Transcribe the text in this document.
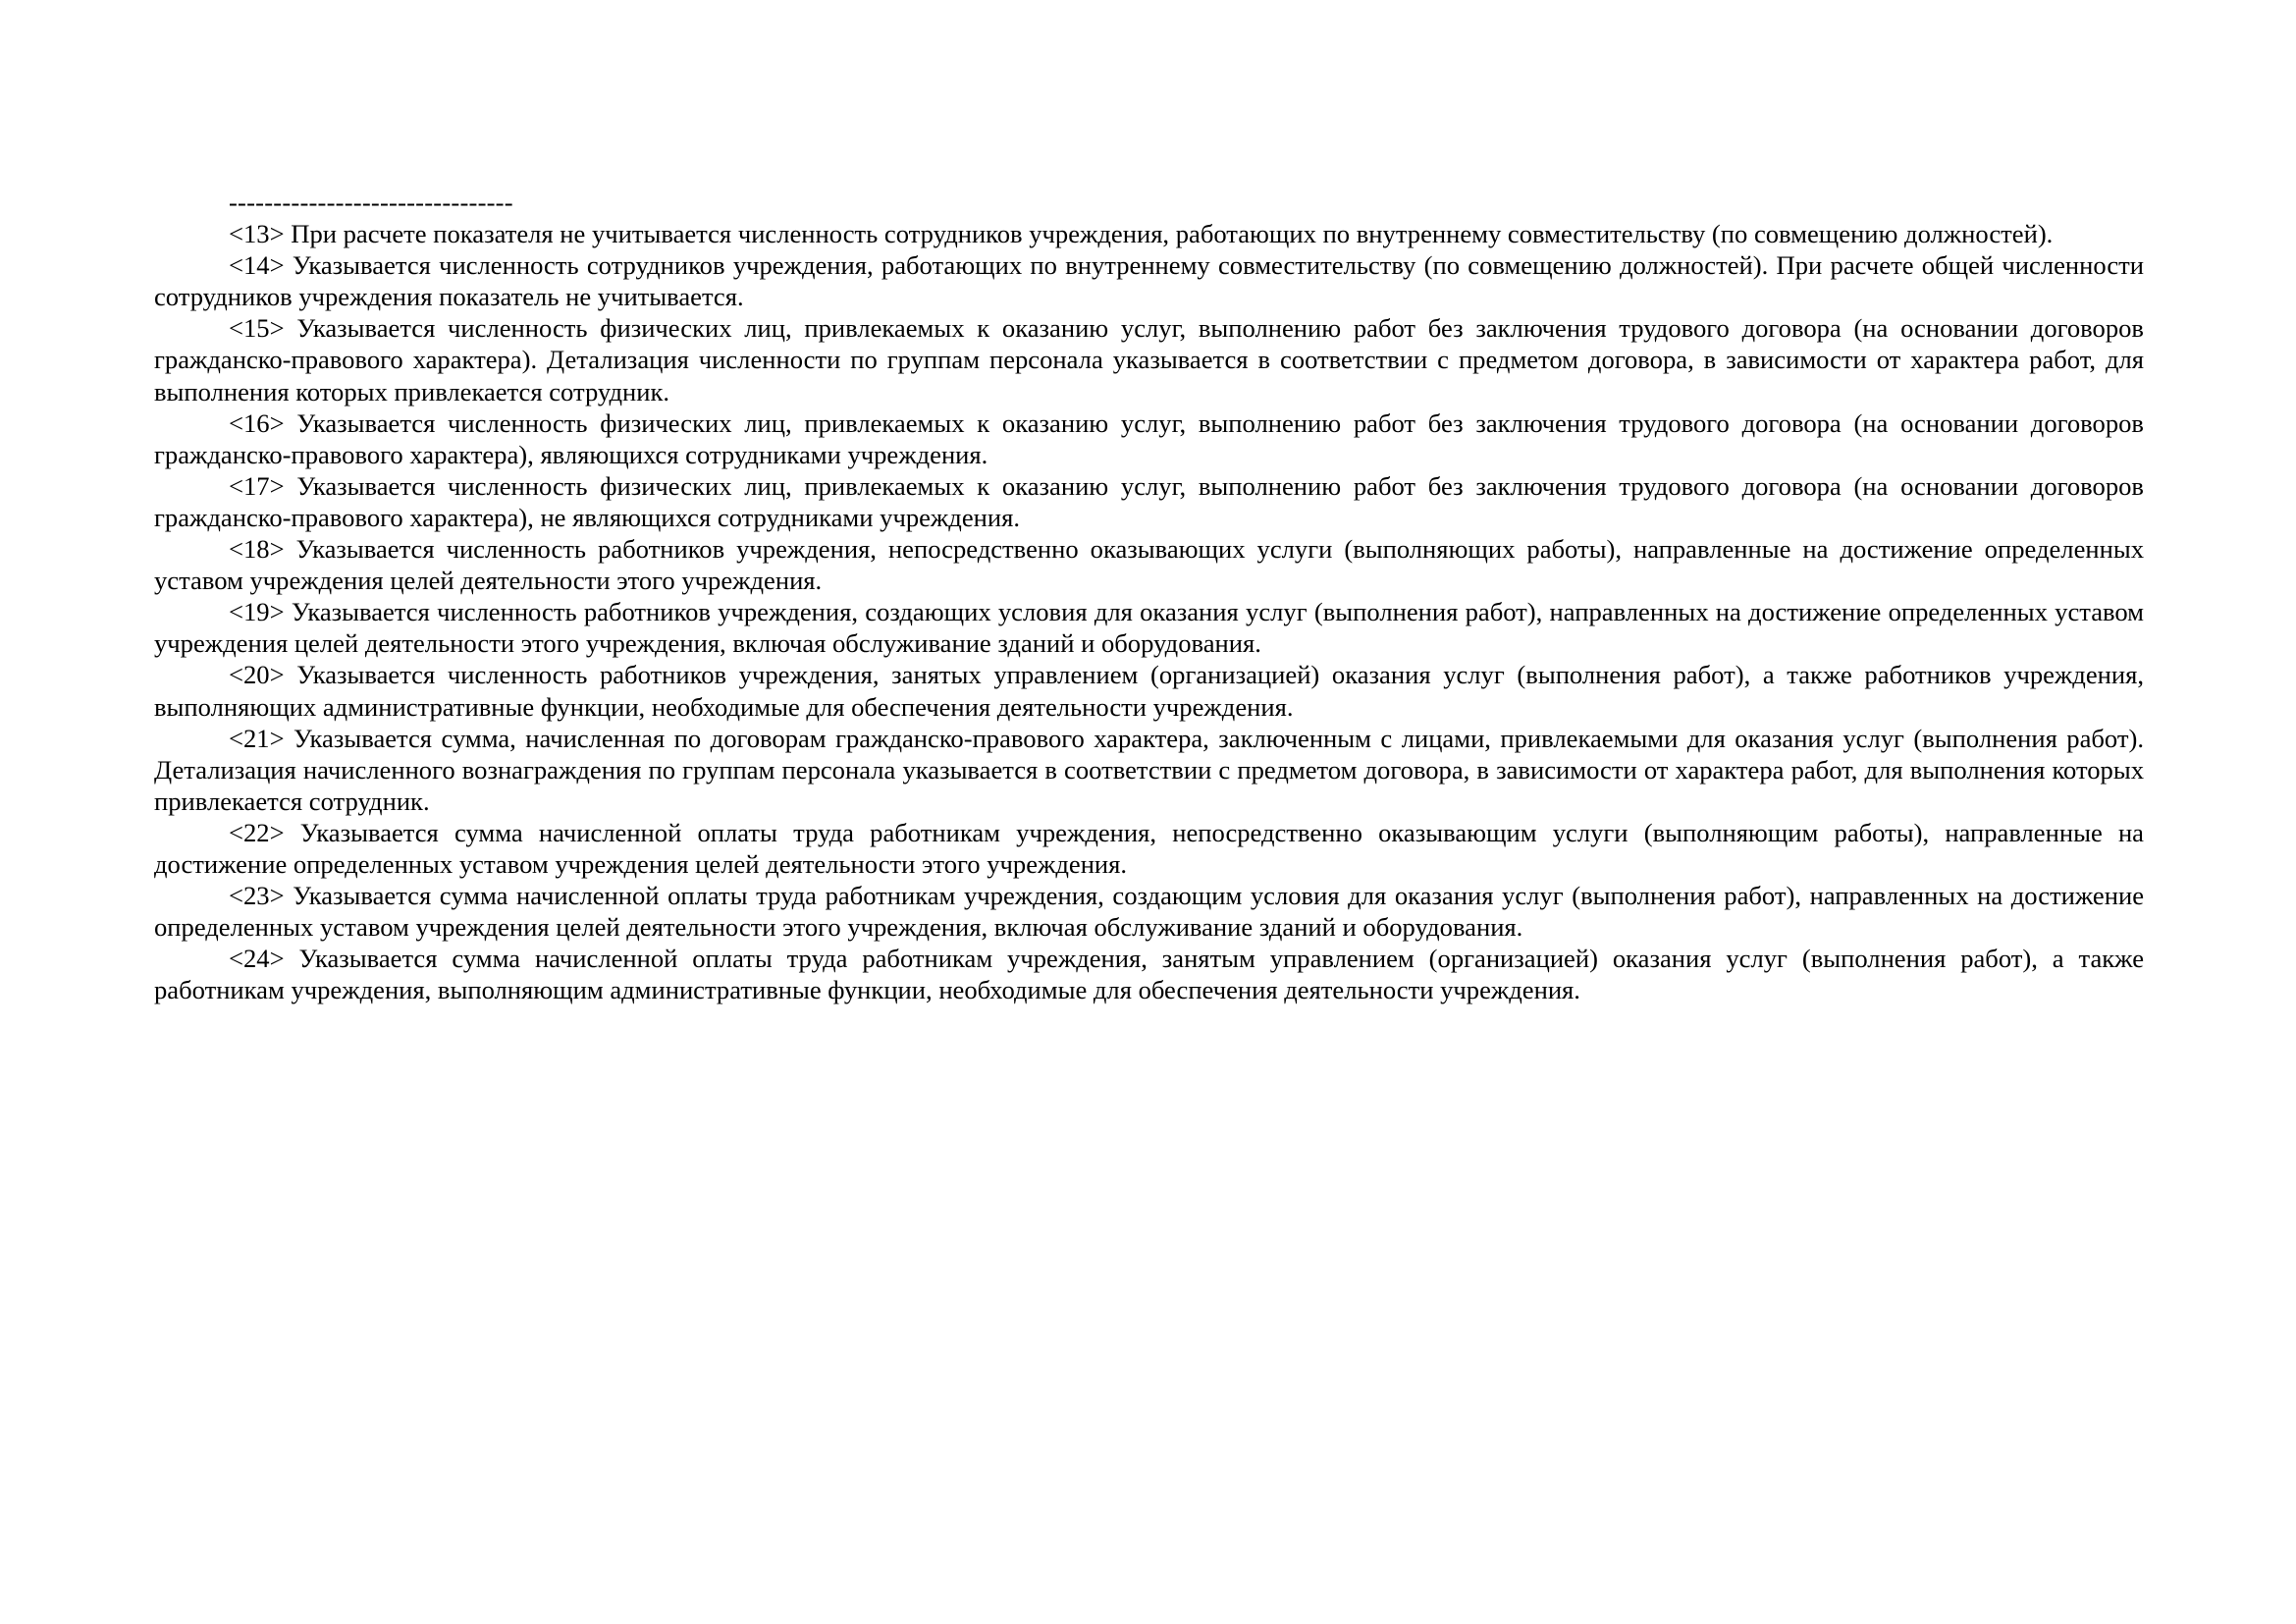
--------------------------------

<13> При расчете показателя не учитывается численность сотрудников учреждения, работающих по внутреннему совместительству (по совмещению должностей).

<14> Указывается численность сотрудников учреждения, работающих по внутреннему совместительству (по совмещению должностей). При расчете общей численности сотрудников учреждения показатель не учитывается.

<15> Указывается численность физических лиц, привлекаемых к оказанию услуг, выполнению работ без заключения трудового договора (на основании договоров гражданско-правового характера). Детализация численности по группам персонала указывается в соответствии с предметом договора, в зависимости от характера работ, для выполнения которых привлекается сотрудник.

<16> Указывается численность физических лиц, привлекаемых к оказанию услуг, выполнению работ без заключения трудового договора (на основании договоров гражданско-правового характера), являющихся сотрудниками учреждения.

<17> Указывается численность физических лиц, привлекаемых к оказанию услуг, выполнению работ без заключения трудового договора (на основании договоров гражданско-правового характера), не являющихся сотрудниками учреждения.

<18> Указывается численность работников учреждения, непосредственно оказывающих услуги (выполняющих работы), направленные на достижение определенных уставом учреждения целей деятельности этого учреждения.

<19> Указывается численность работников учреждения, создающих условия для оказания услуг (выполнения работ), направленных на достижение определенных уставом учреждения целей деятельности этого учреждения, включая обслуживание зданий и оборудования.

<20> Указывается численность работников учреждения, занятых управлением (организацией) оказания услуг (выполнения работ), а также работников учреждения, выполняющих административные функции, необходимые для обеспечения деятельности учреждения.

<21> Указывается сумма, начисленная по договорам гражданско-правового характера, заключенным с лицами, привлекаемыми для оказания услуг (выполнения работ). Детализация начисленного вознаграждения по группам персонала указывается в соответствии с предметом договора, в зависимости от характера работ, для выполнения которых привлекается сотрудник.

<22> Указывается сумма начисленной оплаты труда работникам учреждения, непосредственно оказывающим услуги (выполняющим работы), направленные на достижение определенных уставом учреждения целей деятельности этого учреждения.

<23> Указывается сумма начисленной оплаты труда работникам учреждения, создающим условия для оказания услуг (выполнения работ), направленных на достижение определенных уставом учреждения целей деятельности этого учреждения, включая обслуживание зданий и оборудования.

<24> Указывается сумма начисленной оплаты труда работникам учреждения, занятым управлением (организацией) оказания услуг (выполнения работ), а также работникам учреждения, выполняющим административные функции, необходимые для обеспечения деятельности учреждения.
